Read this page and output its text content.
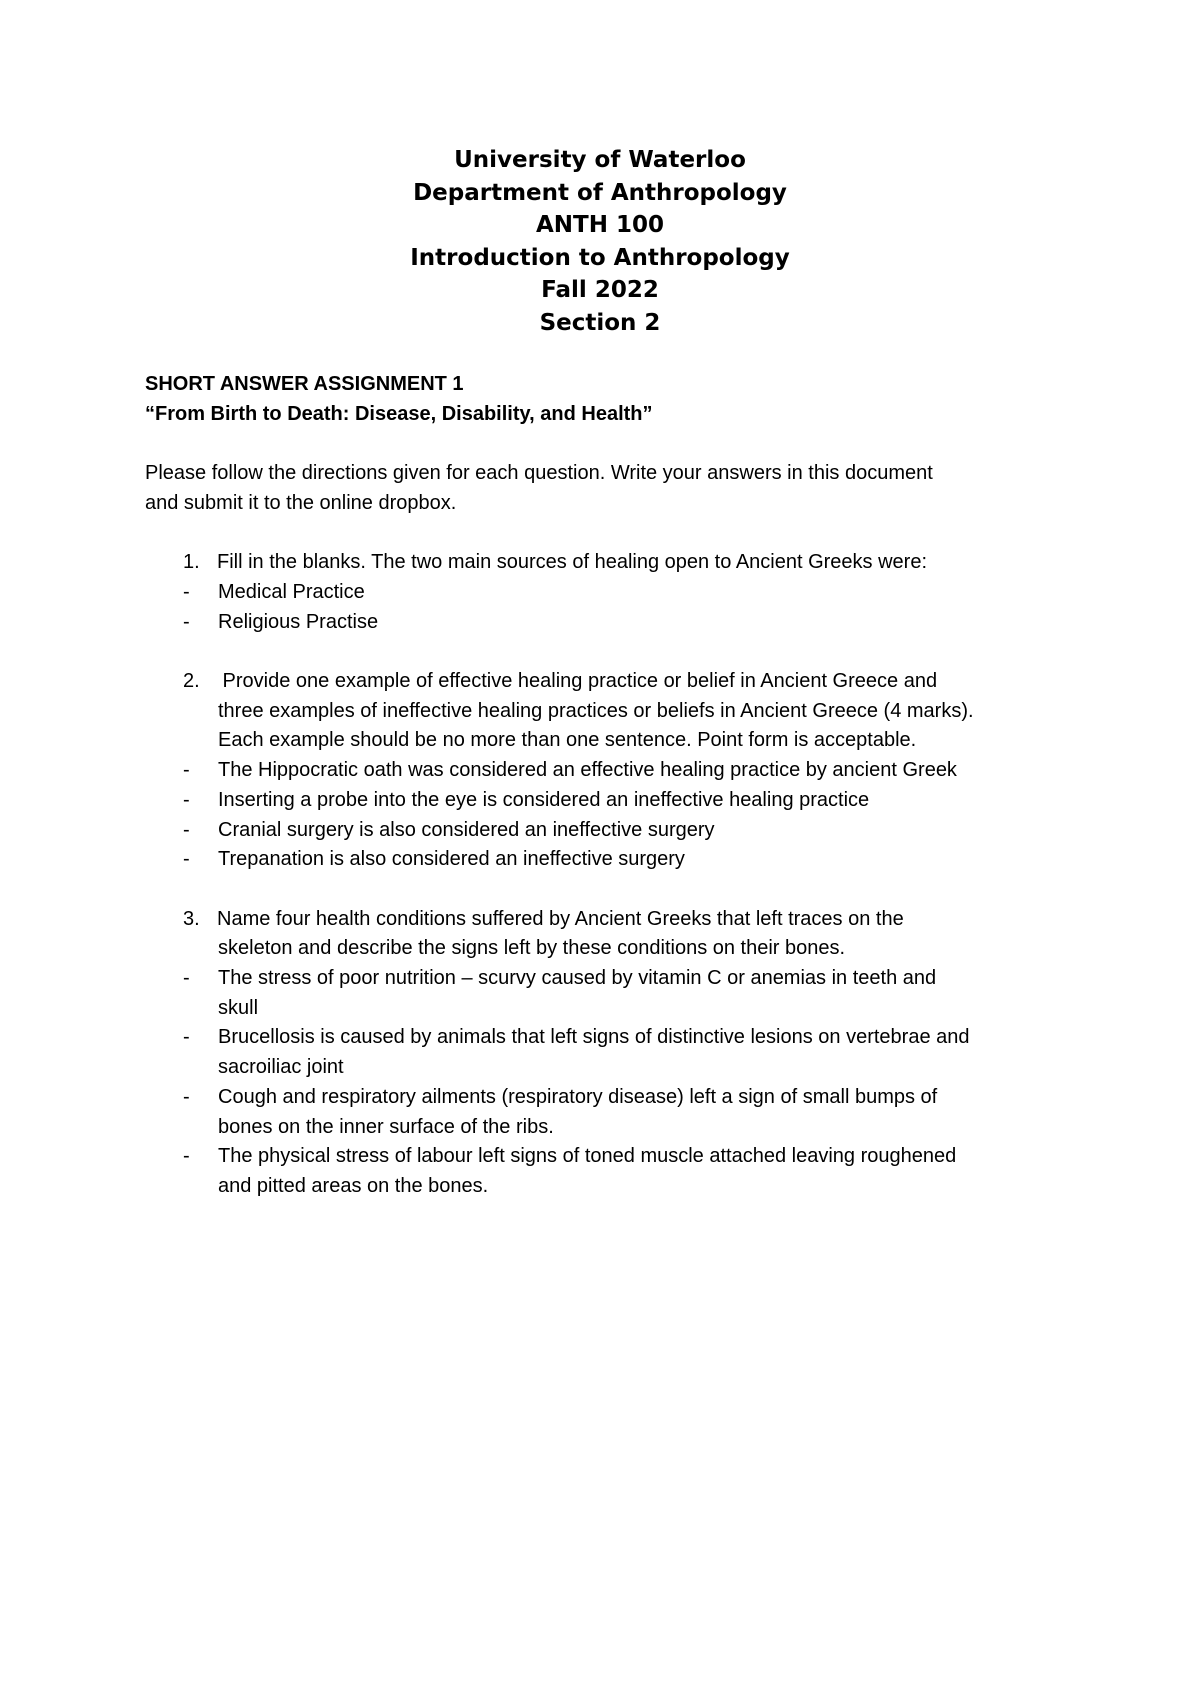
University of Waterloo
Department of Anthropology
ANTH 100
Introduction to Anthropology
Fall 2022
Section 2
SHORT ANSWER ASSIGNMENT 1
“From Birth to Death: Disease, Disability, and Health”
Please follow the directions given for each question. Write your answers in this document
and submit it to the online dropbox.
1. Fill in the blanks. The two main sources of healing open to Ancient Greeks were:
- Medical Practice
- Religious Practise
2. Provide one example of effective healing practice or belief in Ancient Greece and
three examples of ineffective healing practices or beliefs in Ancient Greece (4 marks).
Each example should be no more than one sentence. Point form is acceptable.
- The Hippocratic oath was considered an effective healing practice by ancient Greek
- Inserting a probe into the eye is considered an ineffective healing practice
- Cranial surgery is also considered an ineffective surgery
- Trepanation is also considered an ineffective surgery
3. Name four health conditions suffered by Ancient Greeks that left traces on the
skeleton and describe the signs left by these conditions on their bones.
- The stress of poor nutrition – scurvy caused by vitamin C or anemias in teeth and
skull
- Brucellosis is caused by animals that left signs of distinctive lesions on vertebrae and
sacroiliac joint
- Cough and respiratory ailments (respiratory disease) left a sign of small bumps of
bones on the inner surface of the ribs.
- The physical stress of labour left signs of toned muscle attached leaving roughened
and pitted areas on the bones.
